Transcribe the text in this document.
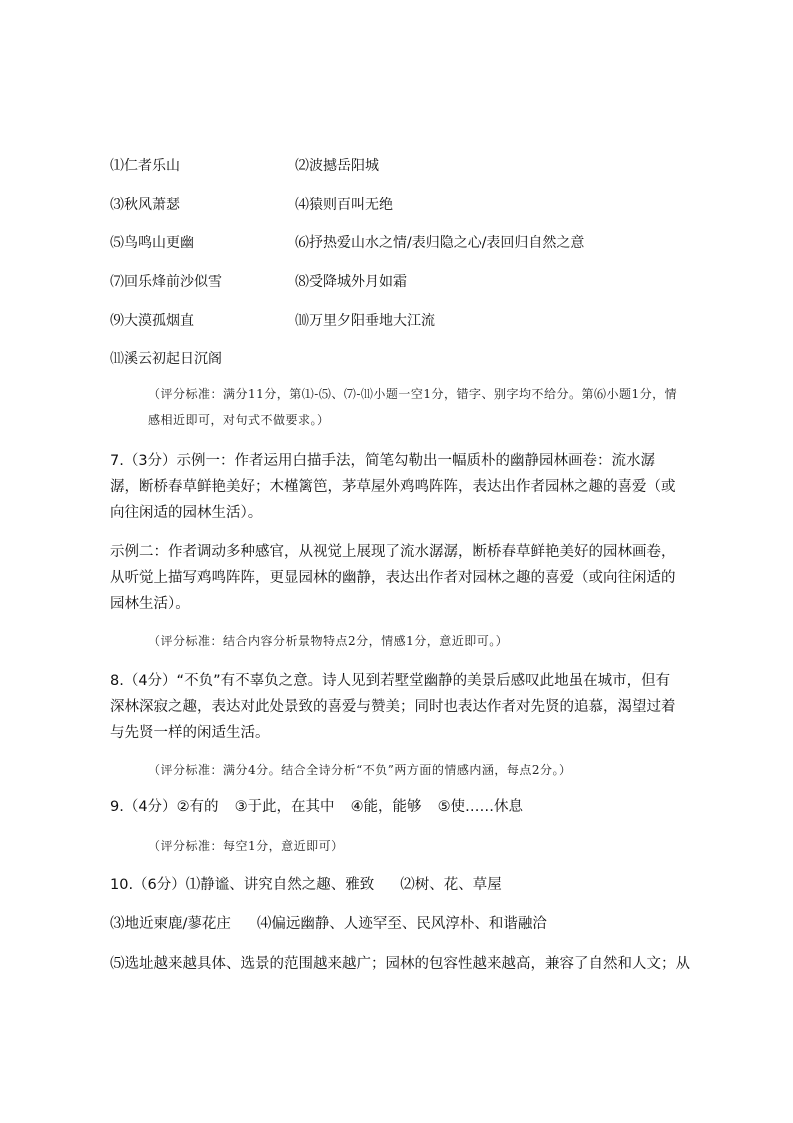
⑴仁者乐山	⑵波撼岳阳城
⑶秋风萧瑟	⑷猿则百叫无绝
⑸鸟鸣山更幽	⑹抒热爱山水之情/表归隐之心/表回归自然之意
⑺回乐烽前沙似雪	⑻受降城外月如霜
⑼大漠孤烟直	⑽万里夕阳垂地大江流
⑾溪云初起日沉阁
（评分标准：满分11分，第⑴-⑸、⑺-⑾小题一空1分，错字、别字均不给分。第⑹小题1分，情感相近即可，对句式不做要求。）
7.（3分）示例一：作者运用白描手法，简笔勾勒出一幅质朴的幽静园林画卷：流水潺潺，断桥春草鲜艳美好；木槿篱笆，茅草屋外鸡鸣阵阵，表达出作者园林之趣的喜爱（或向往闲适的园林生活）。
示例二：作者调动多种感官，从视觉上展现了流水潺潺，断桥春草鲜艳美好的园林画卷，从听觉上描写鸡鸣阵阵，更显园林的幽静，表达出作者对园林之趣的喜爱（或向往闲适的园林生活）。
（评分标准：结合内容分析景物特点2分，情感1分，意近即可。）
8.（4分）“不负”有不辜负之意。诗人见到若墅堂幽静的美景后感叹此地虽在城市，但有深林深寂之趣，表达对此处景致的喜爱与赞美；同时也表达作者对先贤的追慕，渴望过着与先贤一样的闲适生活。
（评分标准：满分4分。结合全诗分析“不负”两方面的情感内涵，每点2分。）
9.（4分）②有的 ③于此，在其中 ④能，能够 ⑤使……休息
（评分标准：每空1分，意近即可）
10.（6分）⑴静谧、讲究自然之趣、雅致 ⑵树、花、草屋
⑶地近柬鹿/蓼花庄 ⑷偏远幽静、人迹罕至、民风淳朴、和谐融洽
⑸选址越来越具体、选景的范围越来越广；园林的包容性越来越高，兼容了自然和人文；从
